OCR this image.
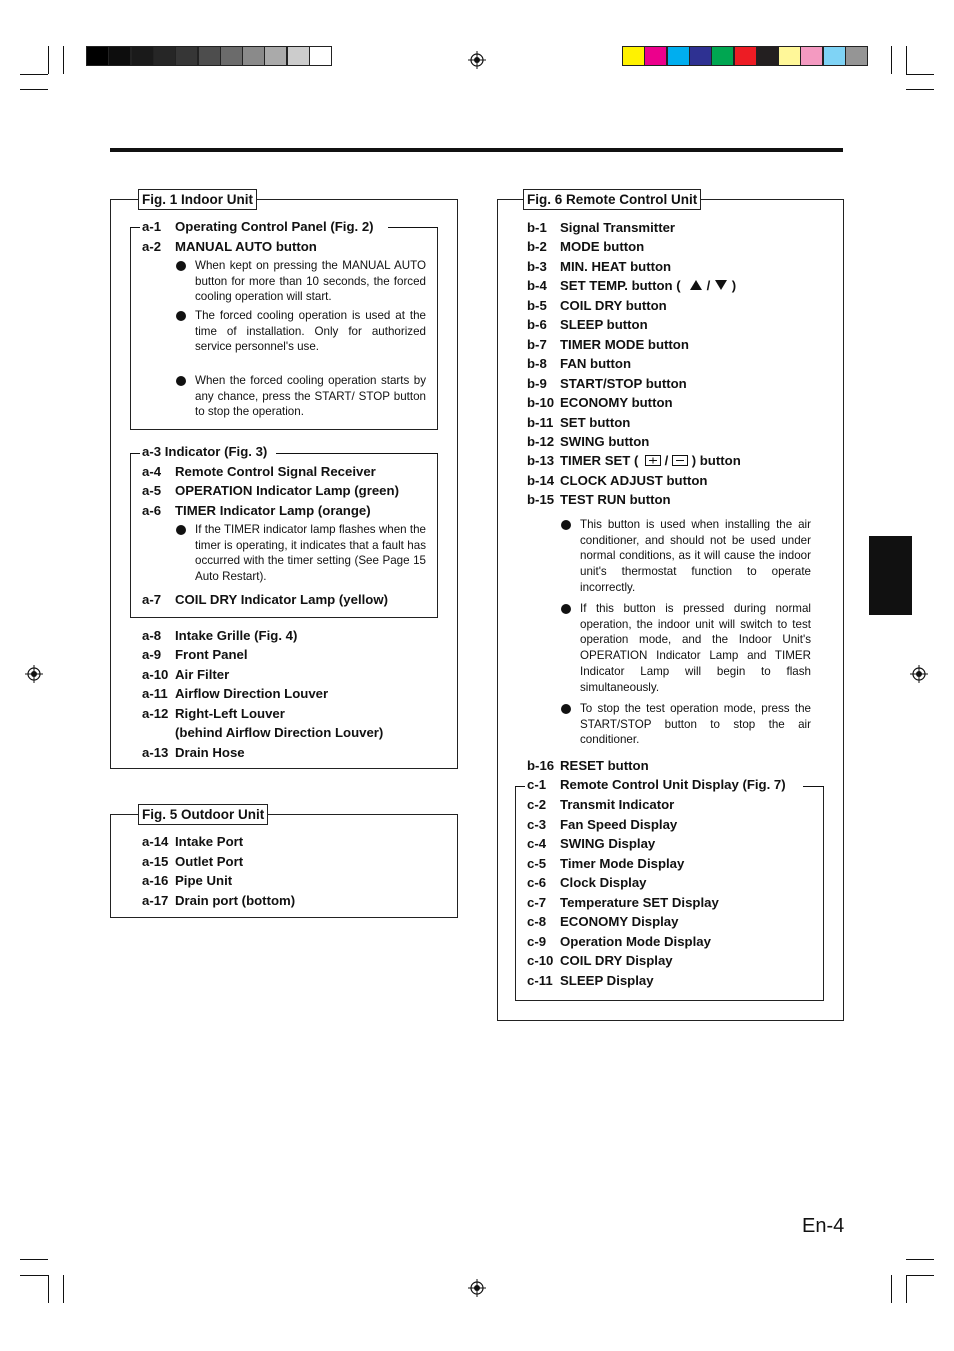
Fig. 1 Indoor Unit
a-1 Operating Control Panel (Fig. 2)
a-2 MANUAL AUTO button
When kept on pressing the MANUAL AUTO button for more than 10 seconds, the forced cooling operation will start.
The forced cooling operation is used at the time of installation. Only for authorized service personnel's use.
When the forced cooling operation starts by any chance, press the START/ STOP button to stop the operation.
a-3 Indicator (Fig. 3)
a-4 Remote Control Signal Receiver
a-5 OPERATION Indicator Lamp (green)
a-6 TIMER Indicator Lamp (orange)
If the TIMER indicator lamp flashes when the timer is operating, it indicates that a fault has occurred with the timer setting (See Page 15 Auto Restart).
a-7 COIL DRY Indicator Lamp (yellow)
a-8 Intake Grille (Fig. 4)
a-9 Front Panel
a-10 Air Filter
a-11 Airflow Direction Louver
a-12 Right-Left Louver
(behind Airflow Direction Louver)
a-13 Drain Hose
Fig. 5 Outdoor Unit
a-14 Intake Port
a-15 Outlet Port
a-16 Pipe Unit
a-17 Drain port (bottom)
Fig. 6 Remote Control Unit
b-1 Signal Transmitter
b-2 MODE button
b-3 MIN. HEAT button
b-4 SET TEMP. button (
b-5 COIL DRY button
b-6 SLEEP button
b-7 TIMER MODE button
b-8 FAN button
b-9 START/STOP button
b-10 ECONOMY button
b-11 SET button
b-12 SWING button
b-13 TIMER SET (
b-14 CLOCK ADJUST button
b-15 TEST RUN button
/ )
/ ) button
This button is used when installing the air conditioner, and should not be used under normal conditions, as it will cause the indoor unit's thermostat function to operate incorrectly.
If this button is pressed during normal operation, the indoor unit will switch to test operation mode, and the Indoor Unit's OPERATION Indicator Lamp and TIMER Indicator Lamp will begin to flash simultaneously.
To stop the test operation mode, press the START/STOP button to stop the air conditioner.
b-16 RESET button
c-1 Remote Control Unit Display (Fig. 7)
c-2 Transmit Indicator
c-3 Fan Speed Display
c-4 SWING Display
c-5 Timer Mode Display
c-6 Clock Display
c-7 Temperature SET Display
c-8 ECONOMY Display
c-9 Operation Mode Display
c-10 COIL DRY Display
c-11 SLEEP Display
En-4
